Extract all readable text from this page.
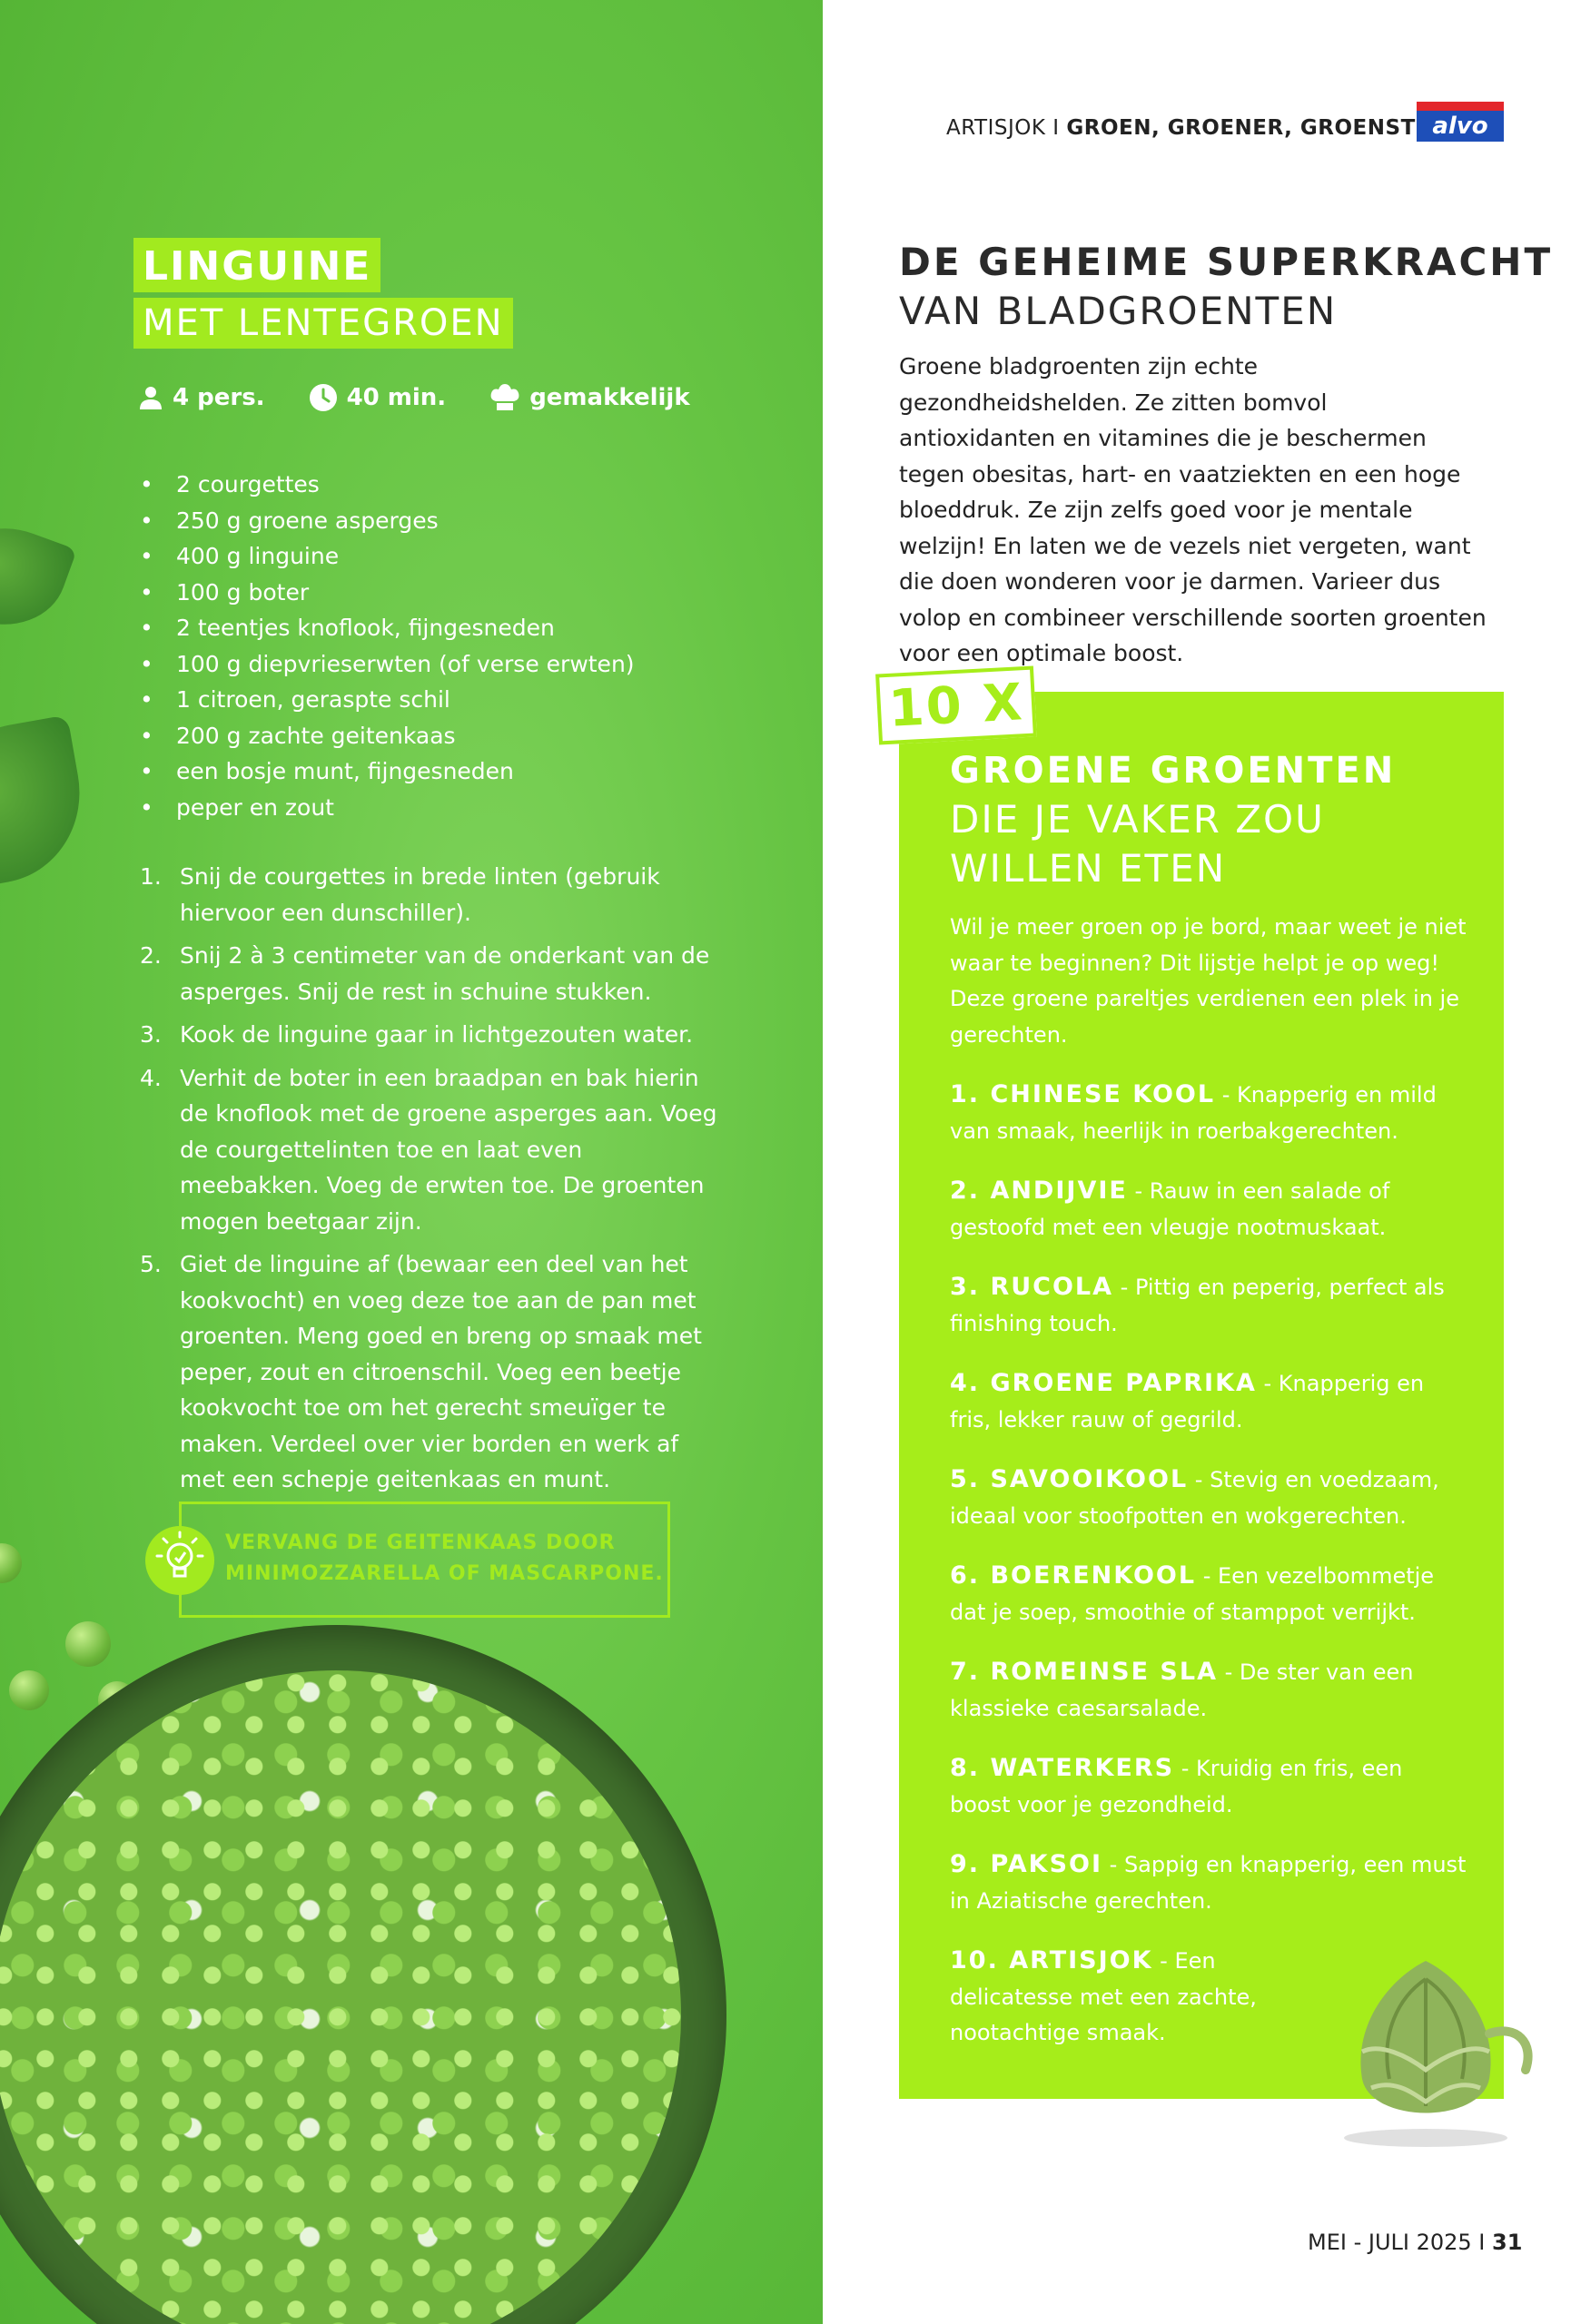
LINGUINE
MET LENTEGROEN
4 pers.	40 min.	gemakkelijk
• 2 courgettes
• 250 g groene asperges
• 400 g linguine
• 100 g boter
• 2 teentjes knoflook, fijngesneden
• 100 g diepvrieserwten (of verse erwten)
• 1 citroen, geraspte schil
• 200 g zachte geitenkaas
• een bosje munt, fijngesneden
• peper en zout
1. Snij de courgettes in brede linten (gebruik hiervoor een dunschiller).
2. Snij 2 à 3 centimeter van de onderkant van de asperges. Snij de rest in schuine stukken.
3. Kook de linguine gaar in lichtgezouten water.
4. Verhit de boter in een braadpan en bak hierin de knoflook met de groene asperges aan. Voeg de courgettelinten toe en laat even meebakken. Voeg de erwten toe. De groenten mogen beetgaar zijn.
5. Giet de linguine af (bewaar een deel van het kookvocht) en voeg deze toe aan de pan met groenten. Meng goed en breng op smaak met peper, zout en citroenschil. Voeg een beetje kookvocht toe om het gerecht smeuïger te maken. Verdeel over vier borden en werk af met een schepje geitenkaas en munt.
VERVANG DE GEITENKAAS DOOR
MINIMOZZARELLA OF MASCARPONE.
ARTISJOK I GROEN, GROENER, GROENST alvo
DE GEHEIME SUPERKRACHT
VAN BLADGROENTEN
Groene bladgroenten zijn echte gezondheidshelden. Ze zitten bomvol antioxidanten en vitamines die je beschermen tegen obesitas, hart- en vaatziekten en een hoge bloeddruk. Ze zijn zelfs goed voor je mentale welzijn! En laten we de vezels niet vergeten, want die doen wonderen voor je darmen. Varieer dus volop en combineer verschillende soorten groenten voor een optimale boost.
10 X
GROENE GROENTEN
DIE JE VAKER ZOU
WILLEN ETEN
Wil je meer groen op je bord, maar weet je niet waar te beginnen? Dit lijstje helpt je op weg! Deze groene pareltjes verdienen een plek in je gerechten.
1. CHINESE KOOL - Knapperig en mild van smaak, heerlijk in roerbakgerechten.
2. ANDIJVIE - Rauw in een salade of gestoofd met een vleugje nootmuskaat.
3. RUCOLA - Pittig en peperig, perfect als finishing touch.
4. GROENE PAPRIKA - Knapperig en fris, lekker rauw of gegrild.
5. SAVOOIKOOL - Stevig en voedzaam, ideaal voor stoofpotten en wokgerechten.
6. BOERENKOOL - Een vezelbommetje dat je soep, smoothie of stamppot verrijkt.
7. ROMEINSE SLA - De ster van een klassieke caesarsalade.
8. WATERKERS - Kruidig en fris, een boost voor je gezondheid.
9. PAKSOI - Sappig en knapperig, een must in Aziatische gerechten.
10. ARTISJOK - Een delicatesse met een zachte, nootachtige smaak.
MEI - JULI 2025 I 31
